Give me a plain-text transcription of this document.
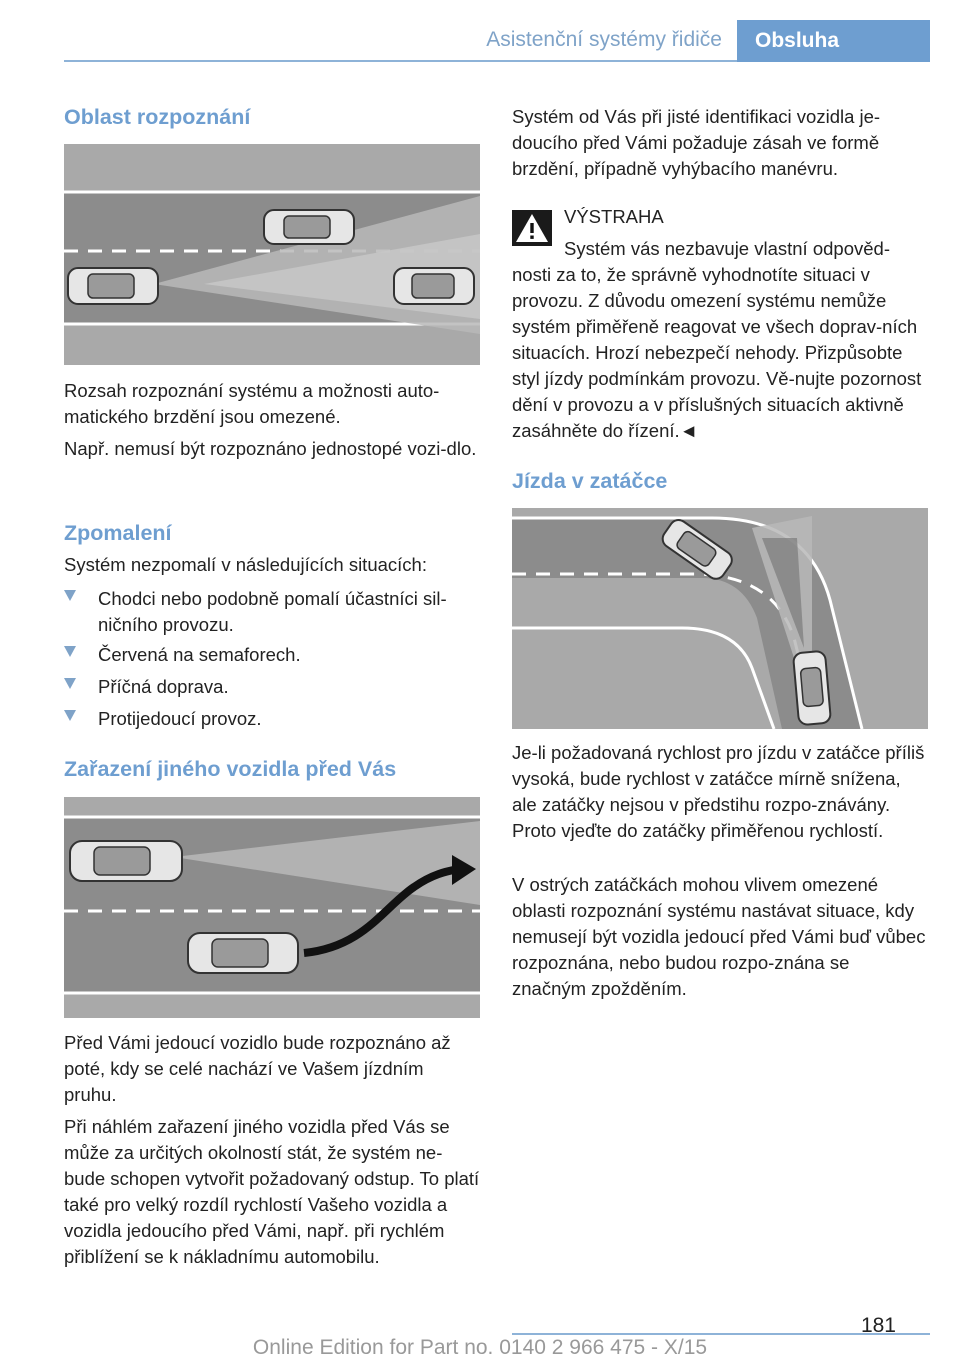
Asistenční systémy řidiče Obsluha
Oblast rozpoznání
Rozsah rozpoznání systému a možnosti auto-matického brzdění jsou omezené.
Např. nemusí být rozpoznáno jednostopé vozi-dlo.
Zpomalení
Systém nezpomalí v následujících situacích:
Chodci nebo podobně pomalí účastníci sil-ničního provozu.
Červená na semaforech.
Příčná doprava.
Protijedoucí provoz.
Zařazení jiného vozidla před Vás
Před Vámi jedoucí vozidlo bude rozpoznáno až poté, kdy se celé nachází ve Vašem jízdním pruhu.
Při náhlém zařazení jiného vozidla před Vás se může za určitých okolností stát, že systém ne-bude schopen vytvořit požadovaný odstup. To platí také pro velký rozdíl rychlostí Vašeho vozidla a vozidla jedoucího před Vámi, např. při rychlém přiblížení se k nákladnímu automobilu.
Systém od Vás při jisté identifikaci vozidla je-doucího před Vámi požaduje zásah ve formě brzdění, případně vyhýbacího manévru.
VÝSTRAHA
Systém vás nezbavuje vlastní odpověd-nosti za to, že správně vyhodnotíte situaci v provozu. Z důvodu omezení systému nemůže systém přiměřeně reagovat ve všech doprav-ních situacích. Hrozí nebezpečí nehody. Přizpůsobte styl jízdy podmínkám provozu. Vě-nujte pozornost dění v provozu a v příslušných situacích aktivně zasáhněte do řízení.◄
Jízda v zatáčce
Je-li požadovaná rychlost pro jízdu v zatáčce příliš vysoká, bude rychlost v zatáčce mírně snížena, ale zatáčky nejsou v předstihu rozpo-znávány. Proto vjeďte do zatáčky přiměřenou rychlostí.
V ostrých zatáčkách mohou vlivem omezené oblasti rozpoznání systému nastávat situace, kdy nemusejí být vozidla jedoucí před Vámi buď vůbec rozpoznána, nebo budou rozpo-znána se značným zpožděním.
181
Online Edition for Part no. 0140 2 966 475 - X/15
